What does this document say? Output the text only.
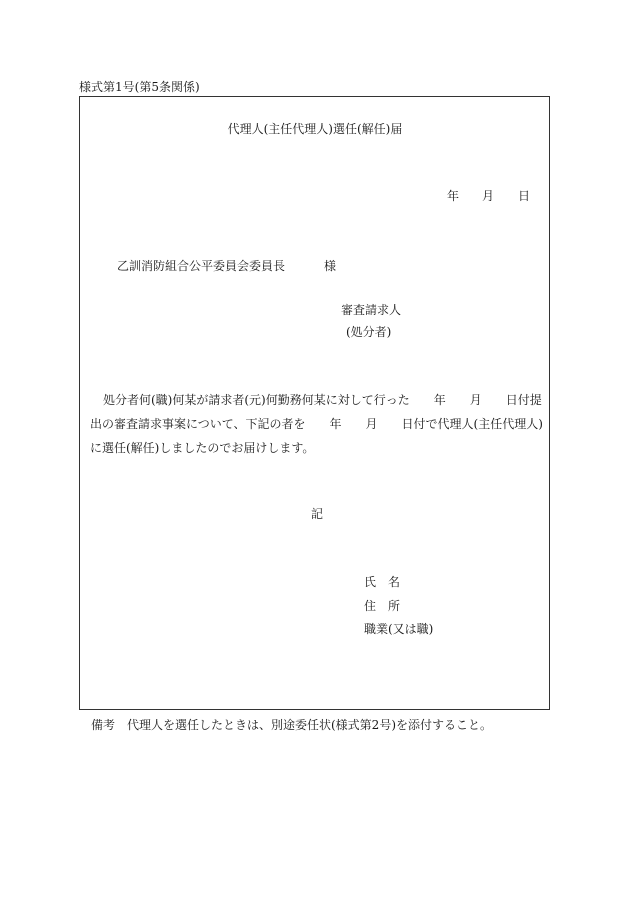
様式第1号(第5条関係)
代理人(主任代理人)選任(解任)届
年 月 日
乙訓消防組合公平委員会委員長	様
審査請求人
(処分者)
処分者何(職)何某が請求者(元)何勤務何某に対して行った　　年　　月　　日付提
出の審査請求事案について、下記の者を　　年　　月　　日付で代理人(主任代理人)
に選任(解任)しましたのでお届けします。
記
氏　名
住　所
職業(又は職)
備考　代理人を選任したときは、別途委任状(様式第2号)を添付すること。
